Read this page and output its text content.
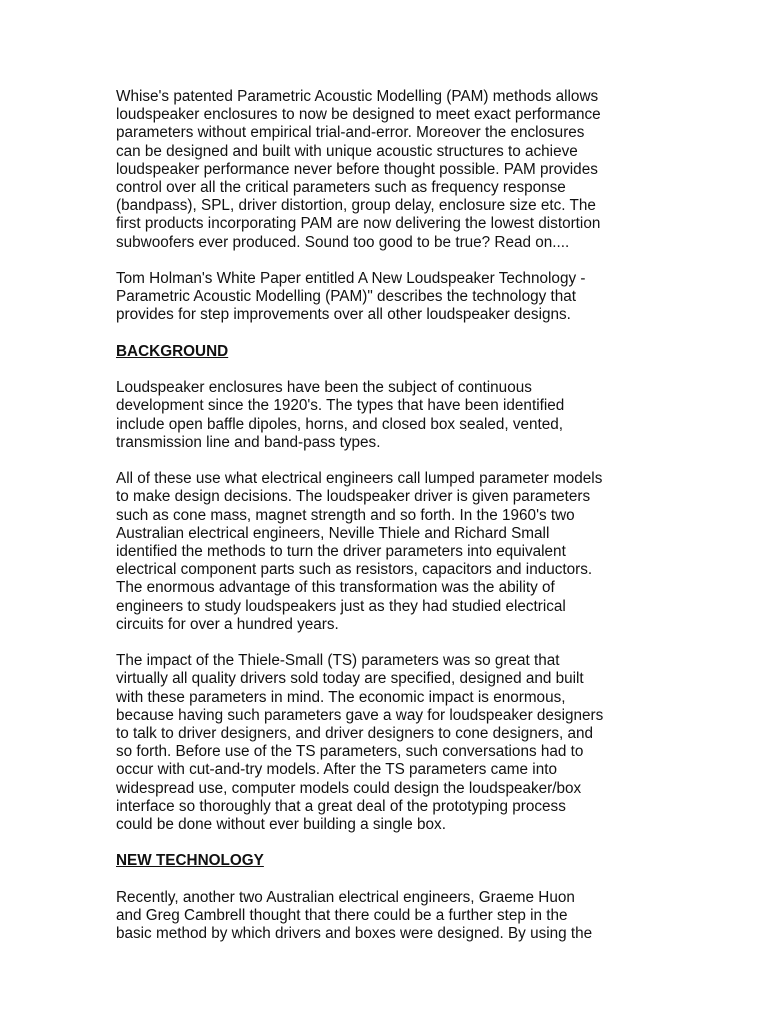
Whise's patented Parametric Acoustic Modelling (PAM) methods allows
loudspeaker enclosures to now be designed to meet exact performance
parameters without empirical trial-and-error. Moreover the enclosures
can be designed and built with unique acoustic structures to achieve
loudspeaker performance never before thought possible. PAM provides
control over all the critical parameters such as frequency response
(bandpass), SPL, driver distortion, group delay, enclosure size etc. The
first products incorporating PAM are now delivering the lowest distortion
subwoofers ever produced. Sound too good to be true? Read on....
Tom Holman's White Paper entitled A New Loudspeaker Technology -
Parametric Acoustic Modelling (PAM)" describes the technology that
provides for step improvements over all other loudspeaker designs.
BACKGROUND
Loudspeaker enclosures have been the subject of continuous
development since the 1920's. The types that have been identified
include open baffle dipoles, horns, and closed box sealed, vented,
transmission line and band-pass types.
All of these use what electrical engineers call lumped parameter models
to make design decisions. The loudspeaker driver is given parameters
such as cone mass, magnet strength and so forth. In the 1960's two
Australian electrical engineers, Neville Thiele and Richard Small
identified the methods to turn the driver parameters into equivalent
electrical component parts such as resistors, capacitors and inductors.
The enormous advantage of this transformation was the ability of
engineers to study loudspeakers just as they had studied electrical
circuits for over a hundred years.
The impact of the Thiele-Small (TS) parameters was so great that
virtually all quality drivers sold today are specified, designed and built
with these parameters in mind. The economic impact is enormous,
because having such parameters gave a way for loudspeaker designers
to talk to driver designers, and driver designers to cone designers, and
so forth. Before use of the TS parameters, such conversations had to
occur with cut-and-try models. After the TS parameters came into
widespread use, computer models could design the loudspeaker/box
interface so thoroughly that a great deal of the prototyping process
could be done without ever building a single box.
NEW TECHNOLOGY
Recently, another two Australian electrical engineers, Graeme Huon
and Greg Cambrell thought that there could be a further step in the
basic method by which drivers and boxes were designed. By using the
